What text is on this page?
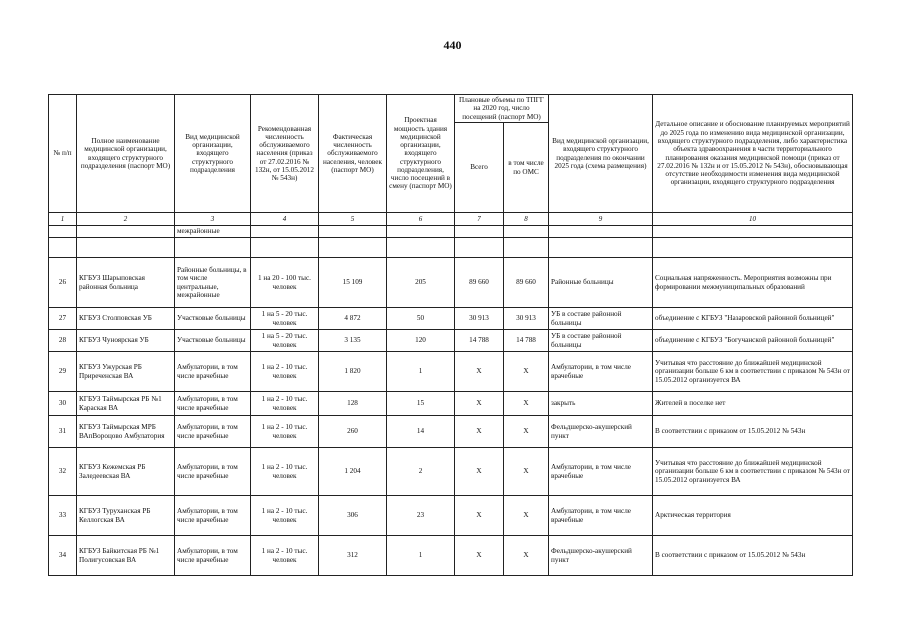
440
№ п/п	Полное наименование медицинской организации, входящего структурного подразделения (паспорт МО)	Вид медицинской организации, входящего структурного подразделения	Рекомендованная численность обслуживаемого населения (приказ от 27.02.2016 № 132н, от 15.05.2012 № 543н)	Фактическая численность обслуживаемого населения, человек (паспорт МО)	Проектная мощность здания медицинской организации, входящего структурного подразделения, число посещений в смену (паспорт МО)	Плановые объемы по ТПГГ на 2020 год, число посещений (паспорт МО)		Вид медицинской организации, входящего структурного подразделения по окончании 2025 года (схема размещения)	Детальное описание и обоснование планируемых мероприятий до 2025 года по изменению вида медицинской организации, входящего структурного подразделения, либо характеристика объекта здравоохранения в части территориального планирования оказания медицинской помощи (приказ от 27.02.2016 № 132н и от 15.05.2012 № 543н), обосновывающая отсутствие необходимости изменения вида медицинской организации, входящего структурного подразделения
						Всего	в том числе по ОМС		
1	2	3	4	5	6	7	8	9	10
		межрайонные							

26	КГБУЗ Шарыповская районная больница	Районные больницы, в том числе центральные, межрайонные	1 на 20 - 100 тыс. человек	15 109	205	89 660	89 660	Районные больницы	Социальная напряженность. Мероприятия возможны при формировании межмуниципальных образований
27	КГБУЗ Столповская УБ	Участковые больницы	1 на 5 - 20 тыс. человек	4 872	50	30 913	30 913	УБ в составе районной больницы	объединение с КГБУЗ "Назаровской районной больницей"
28	КГБУЗ Чуноярская УБ	Участковые больницы	1 на 5 - 20 тыс. человек	3 135	120	14 788	14 788	УБ в составе районной больницы	объединение с КГБУЗ "Богучанской районной больницей"
29	КГБУЗ Ужурская РБ Приреченская ВА	Амбулатории, в том числе врачебные	1 на 2 - 10 тыс. человек	1 820	1	Х	Х	Амбулатории, в том числе врачебные	Учитывая что расстояние до ближайшей медицинской организации больше 6 км в соответствии с приказом № 543н от 15.05.2012 организуется ВА
30	КГБУЗ Таймырская РБ №1 Караская ВА	Амбулатории, в том числе врачебные	1 на 2 - 10 тыс. человек	128	15	Х	Х	закрыть	Жителей в поселке нет
31	КГБУЗ Таймырская МРБ ВАпВороцово Амбулатория	Амбулатории, в том числе врачебные	1 на 2 - 10 тыс. человек	260	14	Х	Х	Фельдшерско-акушерский пункт	В соответствии с приказом от 15.05.2012 № 543н
32	КГБУЗ Кежемская РБ Заледеевская ВА	Амбулатории, в том числе врачебные	1 на 2 - 10 тыс. человек	1 204	2	Х	Х	Амбулатории, в том числе врачебные	Учитывая что расстояние до ближайшей медицинской организации больше 6 км в соответствии с приказом № 543н от 15.05.2012 организуется ВА
33	КГБУЗ Туруханская РБ Келлогская ВА	Амбулатории, в том числе врачебные	1 на 2 - 10 тыс. человек	306	23	Х	Х	Амбулатории, в том числе врачебные	Арктическая территория
34	КГБУЗ Байкитская РБ №1 Полигусовская ВА	Амбулатории, в том числе врачебные	1 на 2 - 10 тыс. человек	312	1	Х	Х	Фельдшерско-акушерский пункт	В соответствии с приказом от 15.05.2012 № 543н
